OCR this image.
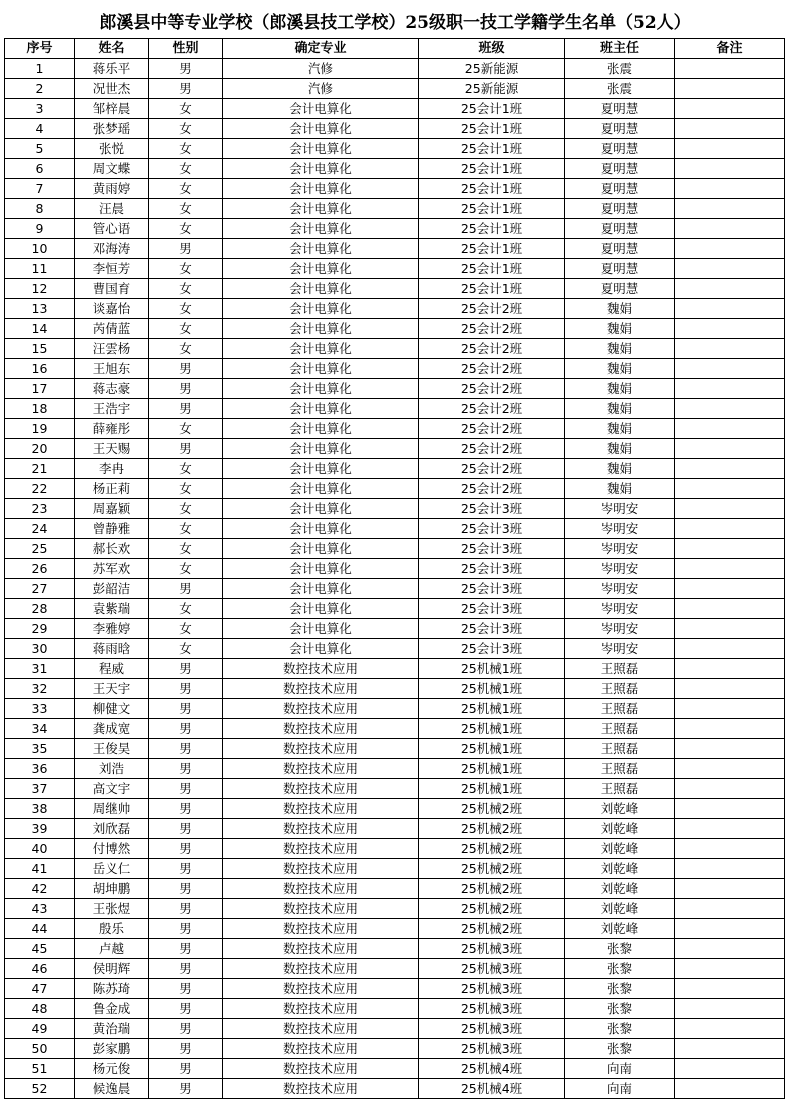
郎溪县中等专业学校（郎溪县技工学校）25级职一技工学籍学生名单（52人）
序号	姓名	性别	确定专业	班级	班主任	备注
1	蒋乐平	男	汽修	25新能源	张震	
2	况世杰	男	汽修	25新能源	张震	
3	邹梓晨	女	会计电算化	25会计1班	夏明慧	
4	张梦瑶	女	会计电算化	25会计1班	夏明慧	
5	张悦	女	会计电算化	25会计1班	夏明慧	
6	周文蝶	女	会计电算化	25会计1班	夏明慧	
7	黄雨婷	女	会计电算化	25会计1班	夏明慧	
8	汪晨	女	会计电算化	25会计1班	夏明慧	
9	管心语	女	会计电算化	25会计1班	夏明慧	
10	邓海涛	男	会计电算化	25会计1班	夏明慧	
11	李恒芳	女	会计电算化	25会计1班	夏明慧	
12	曹国育	女	会计电算化	25会计1班	夏明慧	
13	谈嘉怡	女	会计电算化	25会计2班	魏娟	
14	芮倩蓝	女	会计电算化	25会计2班	魏娟	
15	汪雲杨	女	会计电算化	25会计2班	魏娟	
16	王旭东	男	会计电算化	25会计2班	魏娟	
17	蒋志豪	男	会计电算化	25会计2班	魏娟	
18	王浩宇	男	会计电算化	25会计2班	魏娟	
19	薛雍彤	女	会计电算化	25会计2班	魏娟	
20	王天赐	男	会计电算化	25会计2班	魏娟	
21	李冉	女	会计电算化	25会计2班	魏娟	
22	杨正莉	女	会计电算化	25会计2班	魏娟	
23	周嘉颖	女	会计电算化	25会计3班	岑明安	
24	曾静雅	女	会计电算化	25会计3班	岑明安	
25	郝长欢	女	会计电算化	25会计3班	岑明安	
26	苏军欢	女	会计电算化	25会计3班	岑明安	
27	彭韶洁	男	会计电算化	25会计3班	岑明安	
28	袁紫瑞	女	会计电算化	25会计3班	岑明安	
29	李雅婷	女	会计电算化	25会计3班	岑明安	
30	蒋雨晗	女	会计电算化	25会计3班	岑明安	
31	程威	男	数控技术应用	25机械1班	王照磊	
32	王天宇	男	数控技术应用	25机械1班	王照磊	
33	柳健文	男	数控技术应用	25机械1班	王照磊	
34	龚成宽	男	数控技术应用	25机械1班	王照磊	
35	王俊昊	男	数控技术应用	25机械1班	王照磊	
36	刘浩	男	数控技术应用	25机械1班	王照磊	
37	高文宇	男	数控技术应用	25机械1班	王照磊	
38	周继帅	男	数控技术应用	25机械2班	刘乾峰	
39	刘欣磊	男	数控技术应用	25机械2班	刘乾峰	
40	付博然	男	数控技术应用	25机械2班	刘乾峰	
41	岳义仁	男	数控技术应用	25机械2班	刘乾峰	
42	胡坤鹏	男	数控技术应用	25机械2班	刘乾峰	
43	王张煜	男	数控技术应用	25机械2班	刘乾峰	
44	殷乐	男	数控技术应用	25机械2班	刘乾峰	
45	卢越	男	数控技术应用	25机械3班	张黎	
46	侯明辉	男	数控技术应用	25机械3班	张黎	
47	陈苏琦	男	数控技术应用	25机械3班	张黎	
48	鲁金成	男	数控技术应用	25机械3班	张黎	
49	黄治瑞	男	数控技术应用	25机械3班	张黎	
50	彭家鹏	男	数控技术应用	25机械3班	张黎	
51	杨元俊	男	数控技术应用	25机械4班	向南	
52	候逸晨	男	数控技术应用	25机械4班	向南	
